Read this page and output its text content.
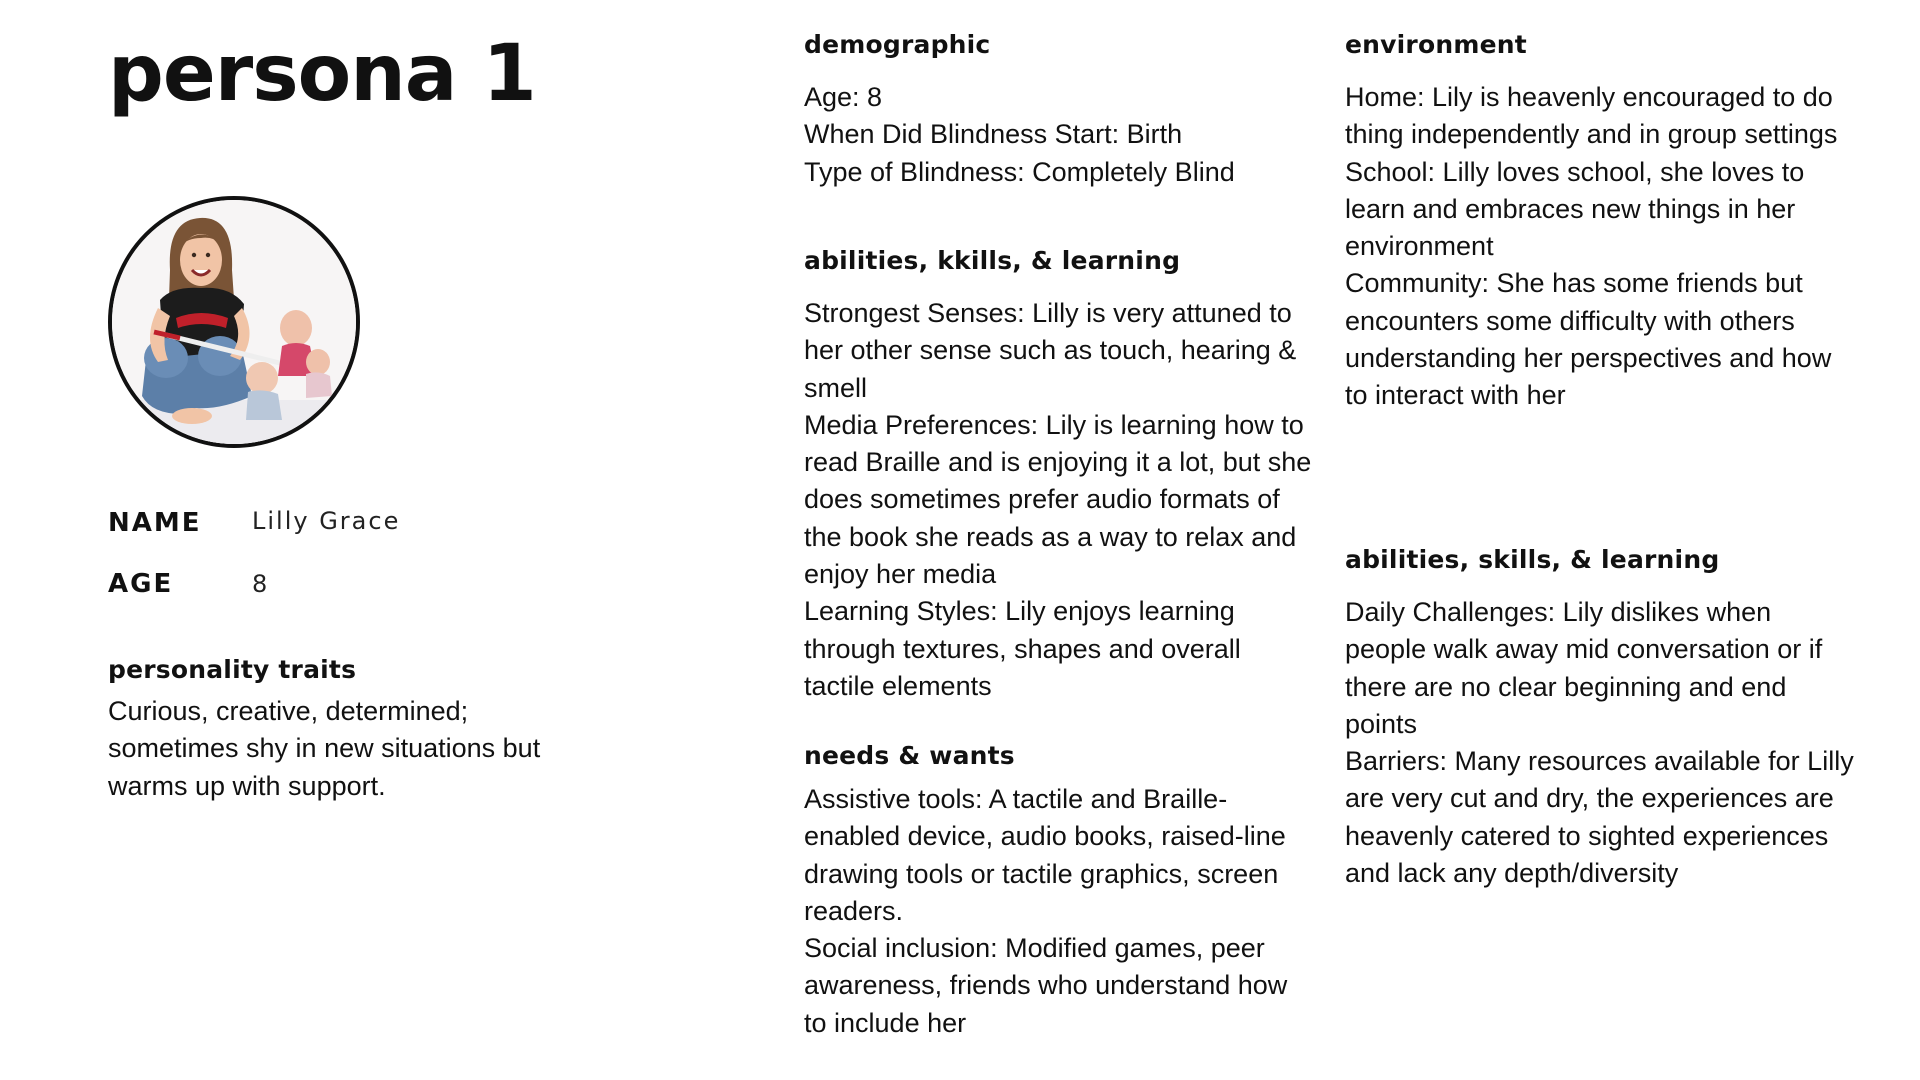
persona 1
NAME Lilly Grace
AGE	8
personality traits
Curious, creative, determined; sometimes shy in new situations but warms up with support.
demographic

Age: 8

When Did Blindness Start: Birth

Type of Blindness: Completely Blind

abilities, kkills, & learning

Strongest Senses: Lilly is very attuned to her other sense such as touch, hearing & smell

Media Preferences: Lily is learning how to read Braille and is enjoying it a lot, but she does sometimes prefer audio formats of the book she reads as a way to relax and enjoy her media

Learning Styles: Lily enjoys learning through textures, shapes and overall tactile elements

needs & wants

Assistive tools: A tactile and Braille-enabled device, audio books, raised-line drawing tools or tactile graphics, screen readers.

Social inclusion: Modified games, peer awareness, friends who understand how to include her

environment

Home: Lily is heavenly encouraged to do thing independently and in group settings

School: Lilly loves school, she loves to learn and embraces new things in her environment

Community: She has some friends but encounters some difficulty with others understanding her perspectives and how to interact with her

abilities, skills, & learning

Daily Challenges: Lily dislikes when people walk away mid conversation or if there are no clear beginning and end points

Barriers: Many resources available for Lilly are very cut and dry, the experiences are heavenly catered to sighted experiences and lack any depth/diversity
